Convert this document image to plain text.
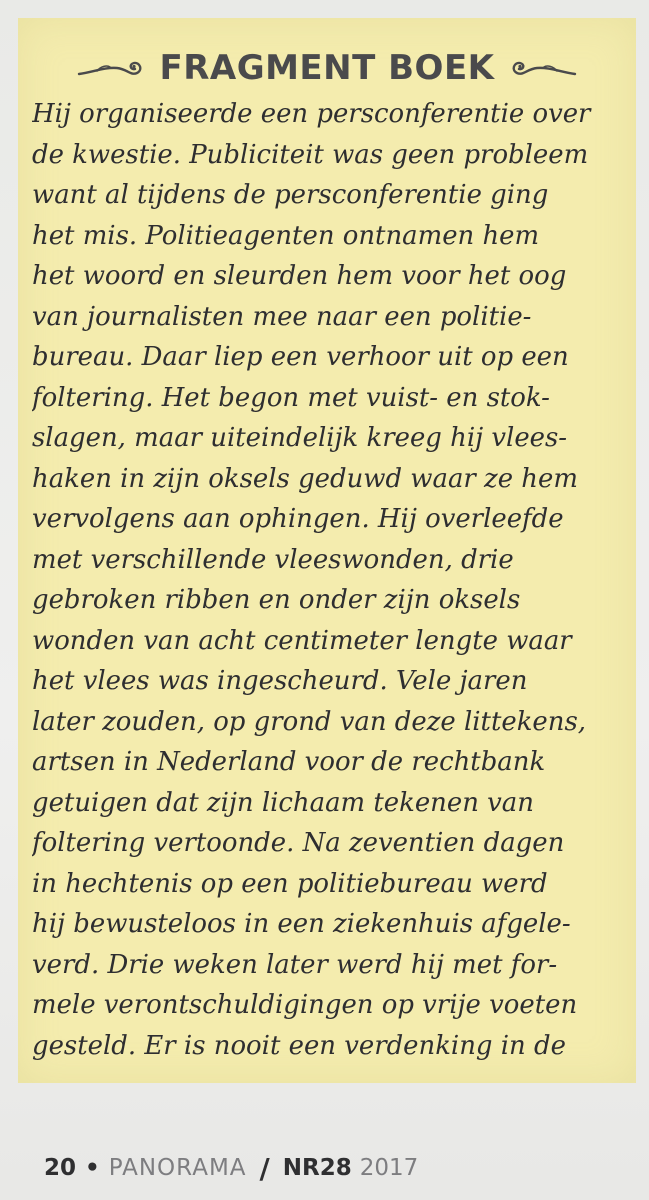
FRAGMENT BOEK
Hij organiseerde een persconferentie over
de kwestie. Publiciteit was geen probleem
want al tijdens de persconferentie ging
het mis. Politieagenten ontnamen hem
het woord en sleurden hem voor het oog
van journalisten mee naar een politie-
bureau. Daar liep een verhoor uit op een
foltering. Het begon met vuist- en stok-
slagen, maar uiteindelijk kreeg hij vlees-
haken in zijn oksels geduwd waar ze hem
vervolgens aan ophingen. Hij overleefde
met verschillende vleeswonden, drie
gebroken ribben en onder zijn oksels
wonden van acht centimeter lengte waar
het vlees was ingescheurd. Vele jaren
later zouden, op grond van deze littekens,
artsen in Nederland voor de rechtbank
getuigen dat zijn lichaam tekenen van
foltering vertoonde. Na zeventien dagen
in hechtenis op een politiebureau werd
hij bewusteloos in een ziekenhuis afgele-
verd. Drie weken later werd hij met for-
mele verontschuldigingen op vrije voeten
gesteld. Er is nooit een verdenking in de
20 • PANORAMA / NR28 2017
